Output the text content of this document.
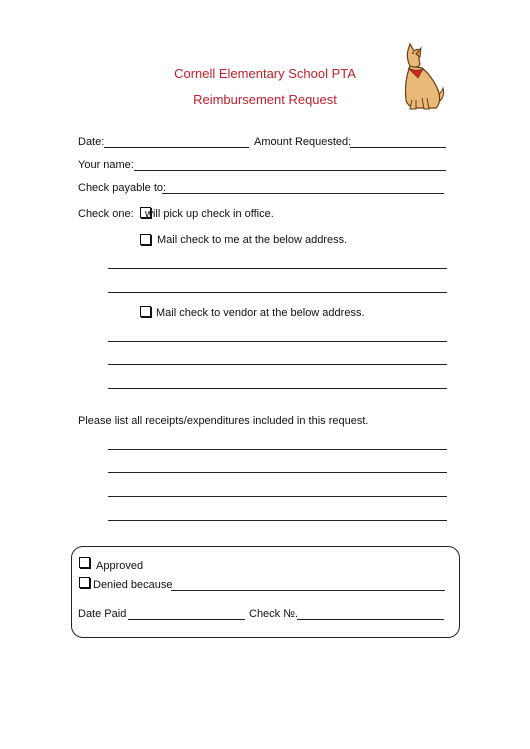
Cornell Elementary School PTA
Reimbursement Request
Date:	Amount Requested:
Your name:
Check payable to:
Check one: will pick up check in office.
Mail check to me at the below address.
Mail check to vendor at the below address.
Please list all receipts/expenditures included in this request.
Approved
Denied because
Date Paid	Check №.
